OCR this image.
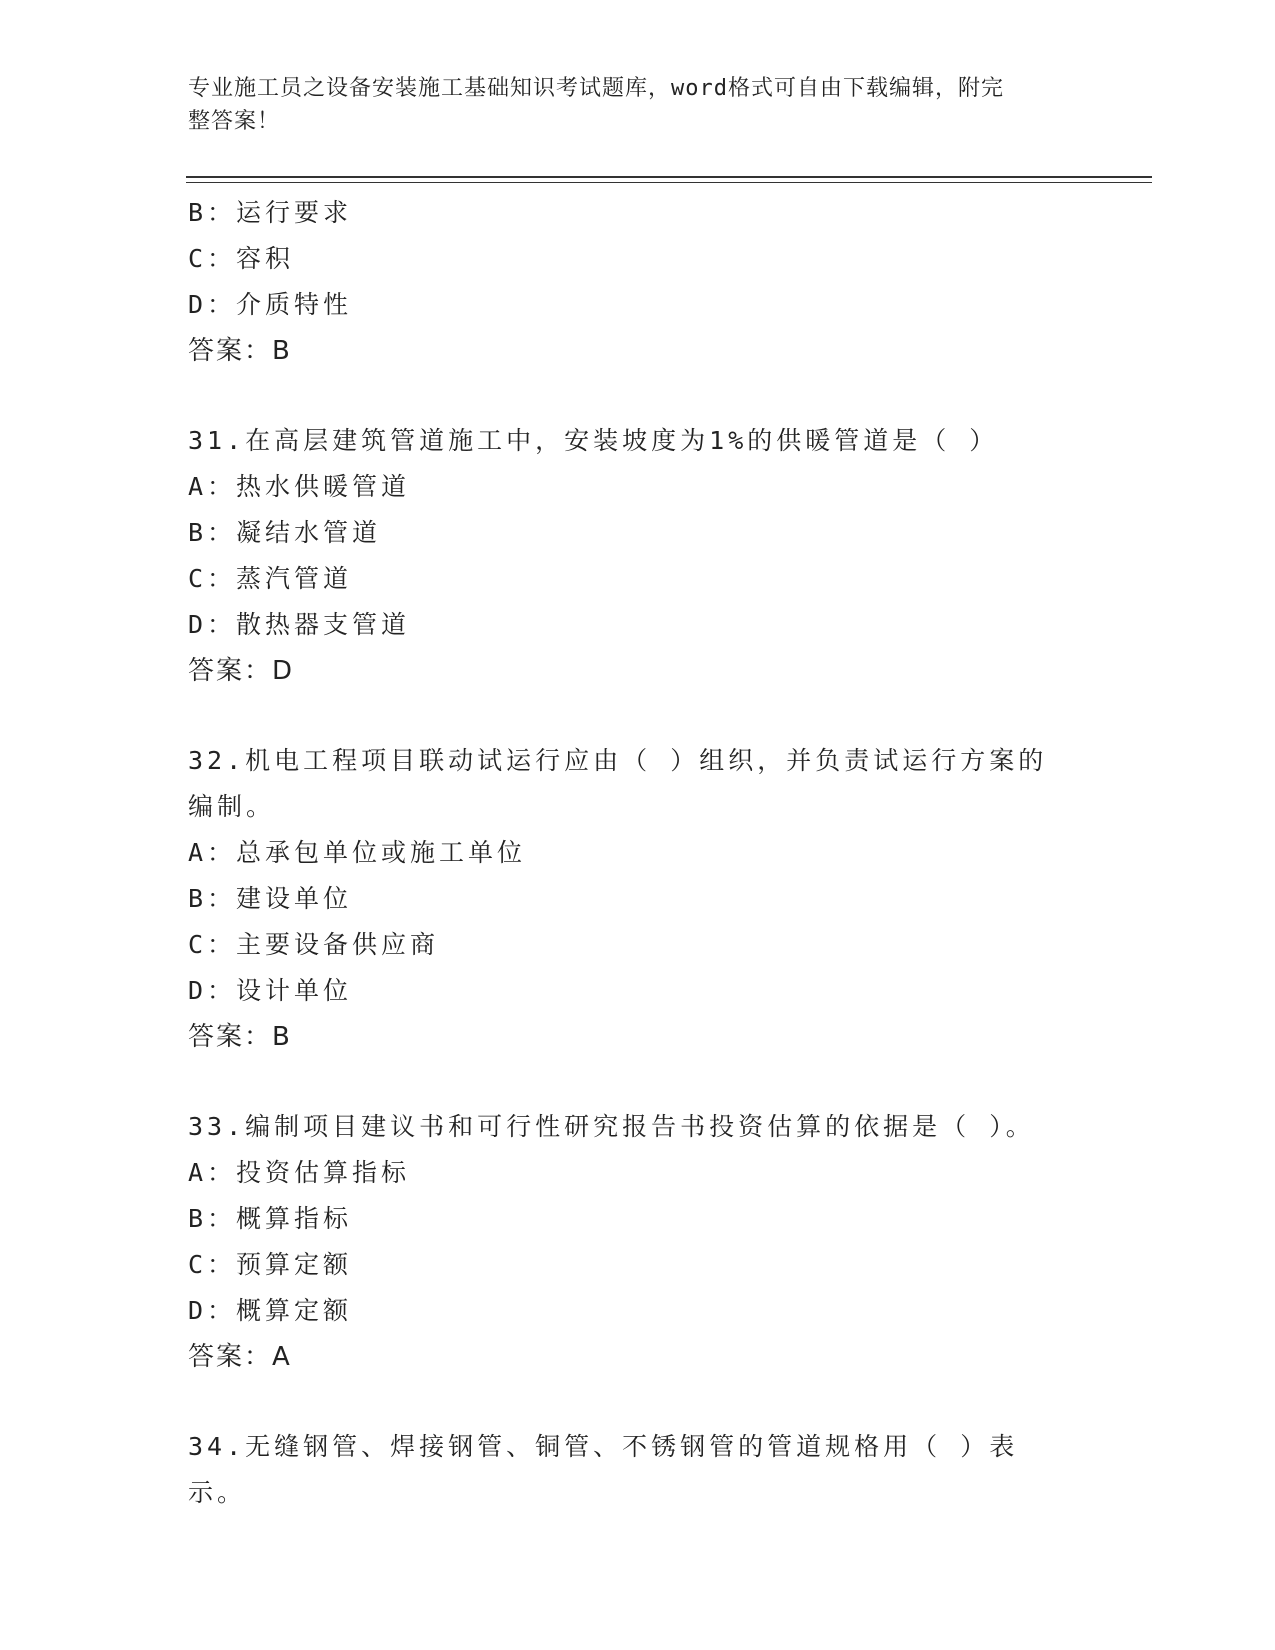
专业施工员之设备安装施工基础知识考试题库，word格式可自由下载编辑，附完
整答案！
B：运行要求
C：容积
D：介质特性
答案：B
31.在高层建筑管道施工中，安装坡度为1%的供暖管道是（ ）
A：热水供暖管道
B：凝结水管道
C：蒸汽管道
D：散热器支管道
答案：D
32.机电工程项目联动试运行应由（ ）组织，并负责试运行方案的编制。
A：总承包单位或施工单位
B：建设单位
C：主要设备供应商
D：设计单位
答案：B
33.编制项目建议书和可行性研究报告书投资估算的依据是（ ）。
A：投资估算指标
B：概算指标
C：预算定额
D：概算定额
答案：A
34.无缝钢管、焊接钢管、铜管、不锈钢管的管道规格用（ ）表示。
